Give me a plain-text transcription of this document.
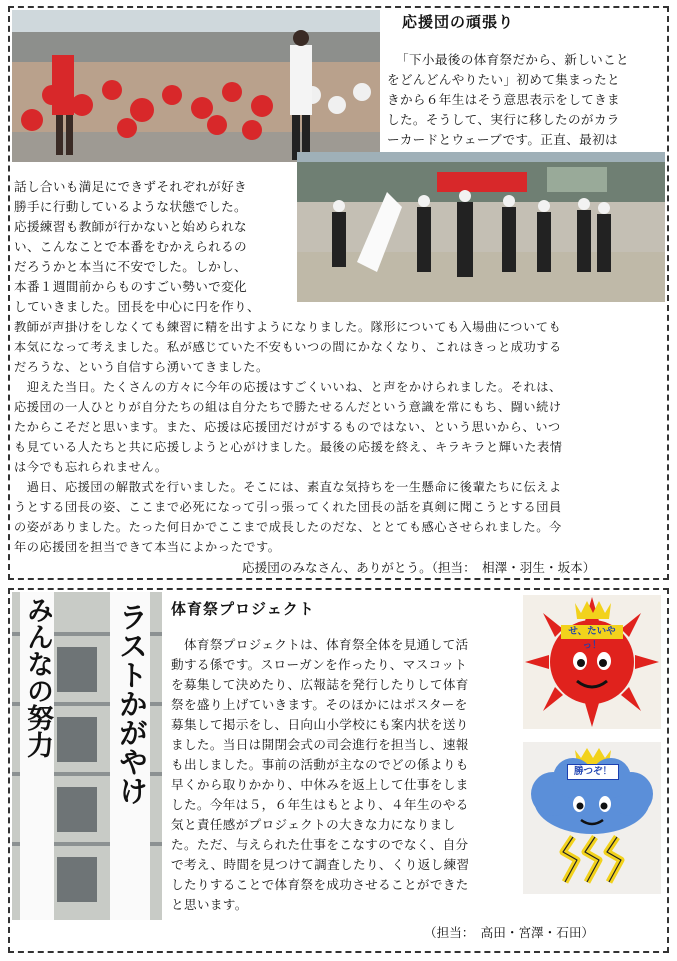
応援団の頑張り
「下小最後の体育祭だから、新しいこと
をどんどんやりたい」初めて集まったと
きから６年生はそう意思表示をしてきま
した。そうして、実行に移したのがカラ
ーカードとウェーブです。正直、最初は
話し合いも満足にできずそれぞれが好き
勝手に行動しているような状態でした。
応援練習も教師が行かないと始められな
い、こんなことで本番をむかえられるの
だろうかと本当に不安でした。しかし、
本番１週間前からものすごい勢いで変化
していきました。団長を中心に円を作り、
教師が声掛けをしなくても練習に精を出すようになりました。隊形についても入場曲についても
本気になって考えました。私が感じていた不安もいつの間にかなくなり、これはきっと成功する
だろうな、という自信すら湧いてきました。
　迎えた当日。たくさんの方々に今年の応援はすごくいいね、と声をかけられました。それは、
応援団の一人ひとりが自分たちの組は自分たちで勝たせるんだという意識を常にもち、闘い続け
たからこそだと思います。また、応援は応援団だけがするものではない、という思いから、いつ
も見ている人たちと共に応援しようと心がけました。最後の応援を終え、キラキラと輝いた表情
は今でも忘れられません。
　過日、応援団の解散式を行いました。そこには、素直な気持ちを一生懸命に後輩たちに伝えよ
うとする団長の姿、ここまで必死になって引っ張ってくれた団長の話を真剣に聞こうとする団員
の姿がありました。たった何日かでここまで成長したのだな、ととても感心させられました。今
年の応援団を担当できて本当によかったです。
応援団のみなさん、ありがとう。（担当：　相澤・羽生・坂本）
みんなの努力 ラストかがやけ 体育祭プロジェクト
　体育祭プロジェクトは、体育祭全体を見通して活
動する係です。スローガンを作ったり、マスコット
を募集して決めたり、広報誌を発行したりして体育
祭を盛り上げていきます。そのほかにはポスターを
募集して掲示をし、日向山小学校にも案内状を送り
ました。当日は開閉会式の司会進行を担当し、速報
も出しました。事前の活動が主なのでどの係よりも
早くから取りかかり、中休みを返上して仕事をしま
した。今年は５，６年生はもとより、４年生のやる
気と責任感がプロジェクトの大きな力になりまし
た。ただ、与えられた仕事をこなすのでなく、自分
で考え、時間を見つけて調査したり、くり返し練習
したりすることで体育祭を成功させることができた
と思います。
せ、たいやっ！
勝つぞ！
（担当：　高田・宮澤・石田）
